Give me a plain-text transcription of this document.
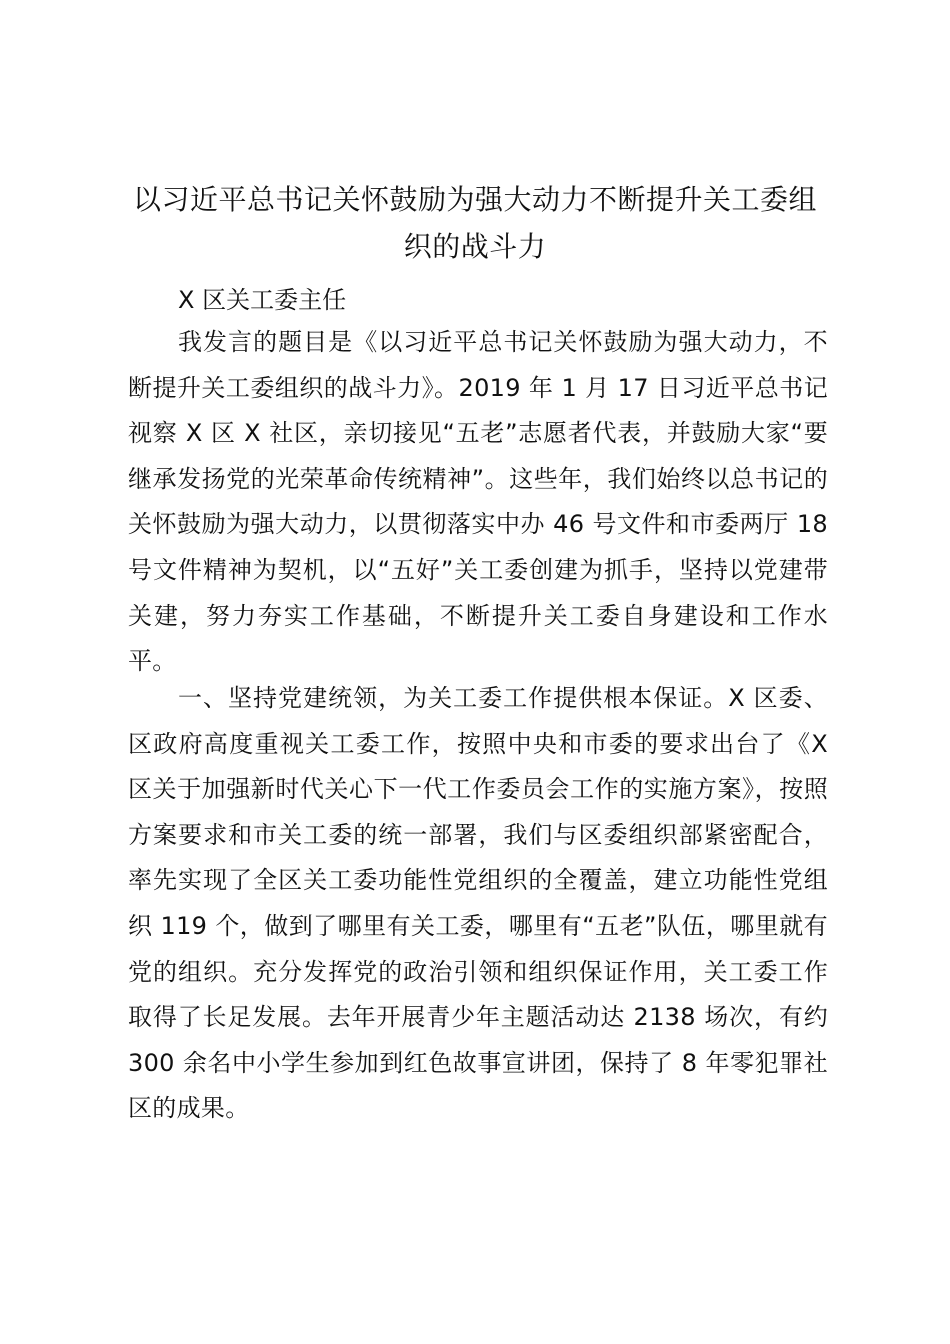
以习近平总书记关怀鼓励为强大动力不断提升关工委组织的战斗力
X 区关工委主任
我发言的题目是《以习近平总书记关怀鼓励为强大动力，不断提升关工委组织的战斗力》。2019 年 1 月 17 日习近平总书记视察 X 区 X 社区，亲切接见“五老”志愿者代表，并鼓励大家“要继承发扬党的光荣革命传统精神”。这些年，我们始终以总书记的关怀鼓励为强大动力，以贯彻落实中办 46 号文件和市委两厅 18 号文件精神为契机，以“五好”关工委创建为抓手，坚持以党建带关建，努力夯实工作基础，不断提升关工委自身建设和工作水平。
一、坚持党建统领，为关工委工作提供根本保证。X 区委、区政府高度重视关工委工作，按照中央和市委的要求出台了《X 区关于加强新时代关心下一代工作委员会工作的实施方案》，按照方案要求和市关工委的统一部署，我们与区委组织部紧密配合，率先实现了全区关工委功能性党组织的全覆盖，建立功能性党组织 119 个，做到了哪里有关工委，哪里有“五老”队伍，哪里就有党的组织。充分发挥党的政治引领和组织保证作用，关工委工作取得了长足发展。去年开展青少年主题活动达 2138 场次，有约 300 余名中小学生参加到红色故事宣讲团，保持了 8 年零犯罪社区的成果。
